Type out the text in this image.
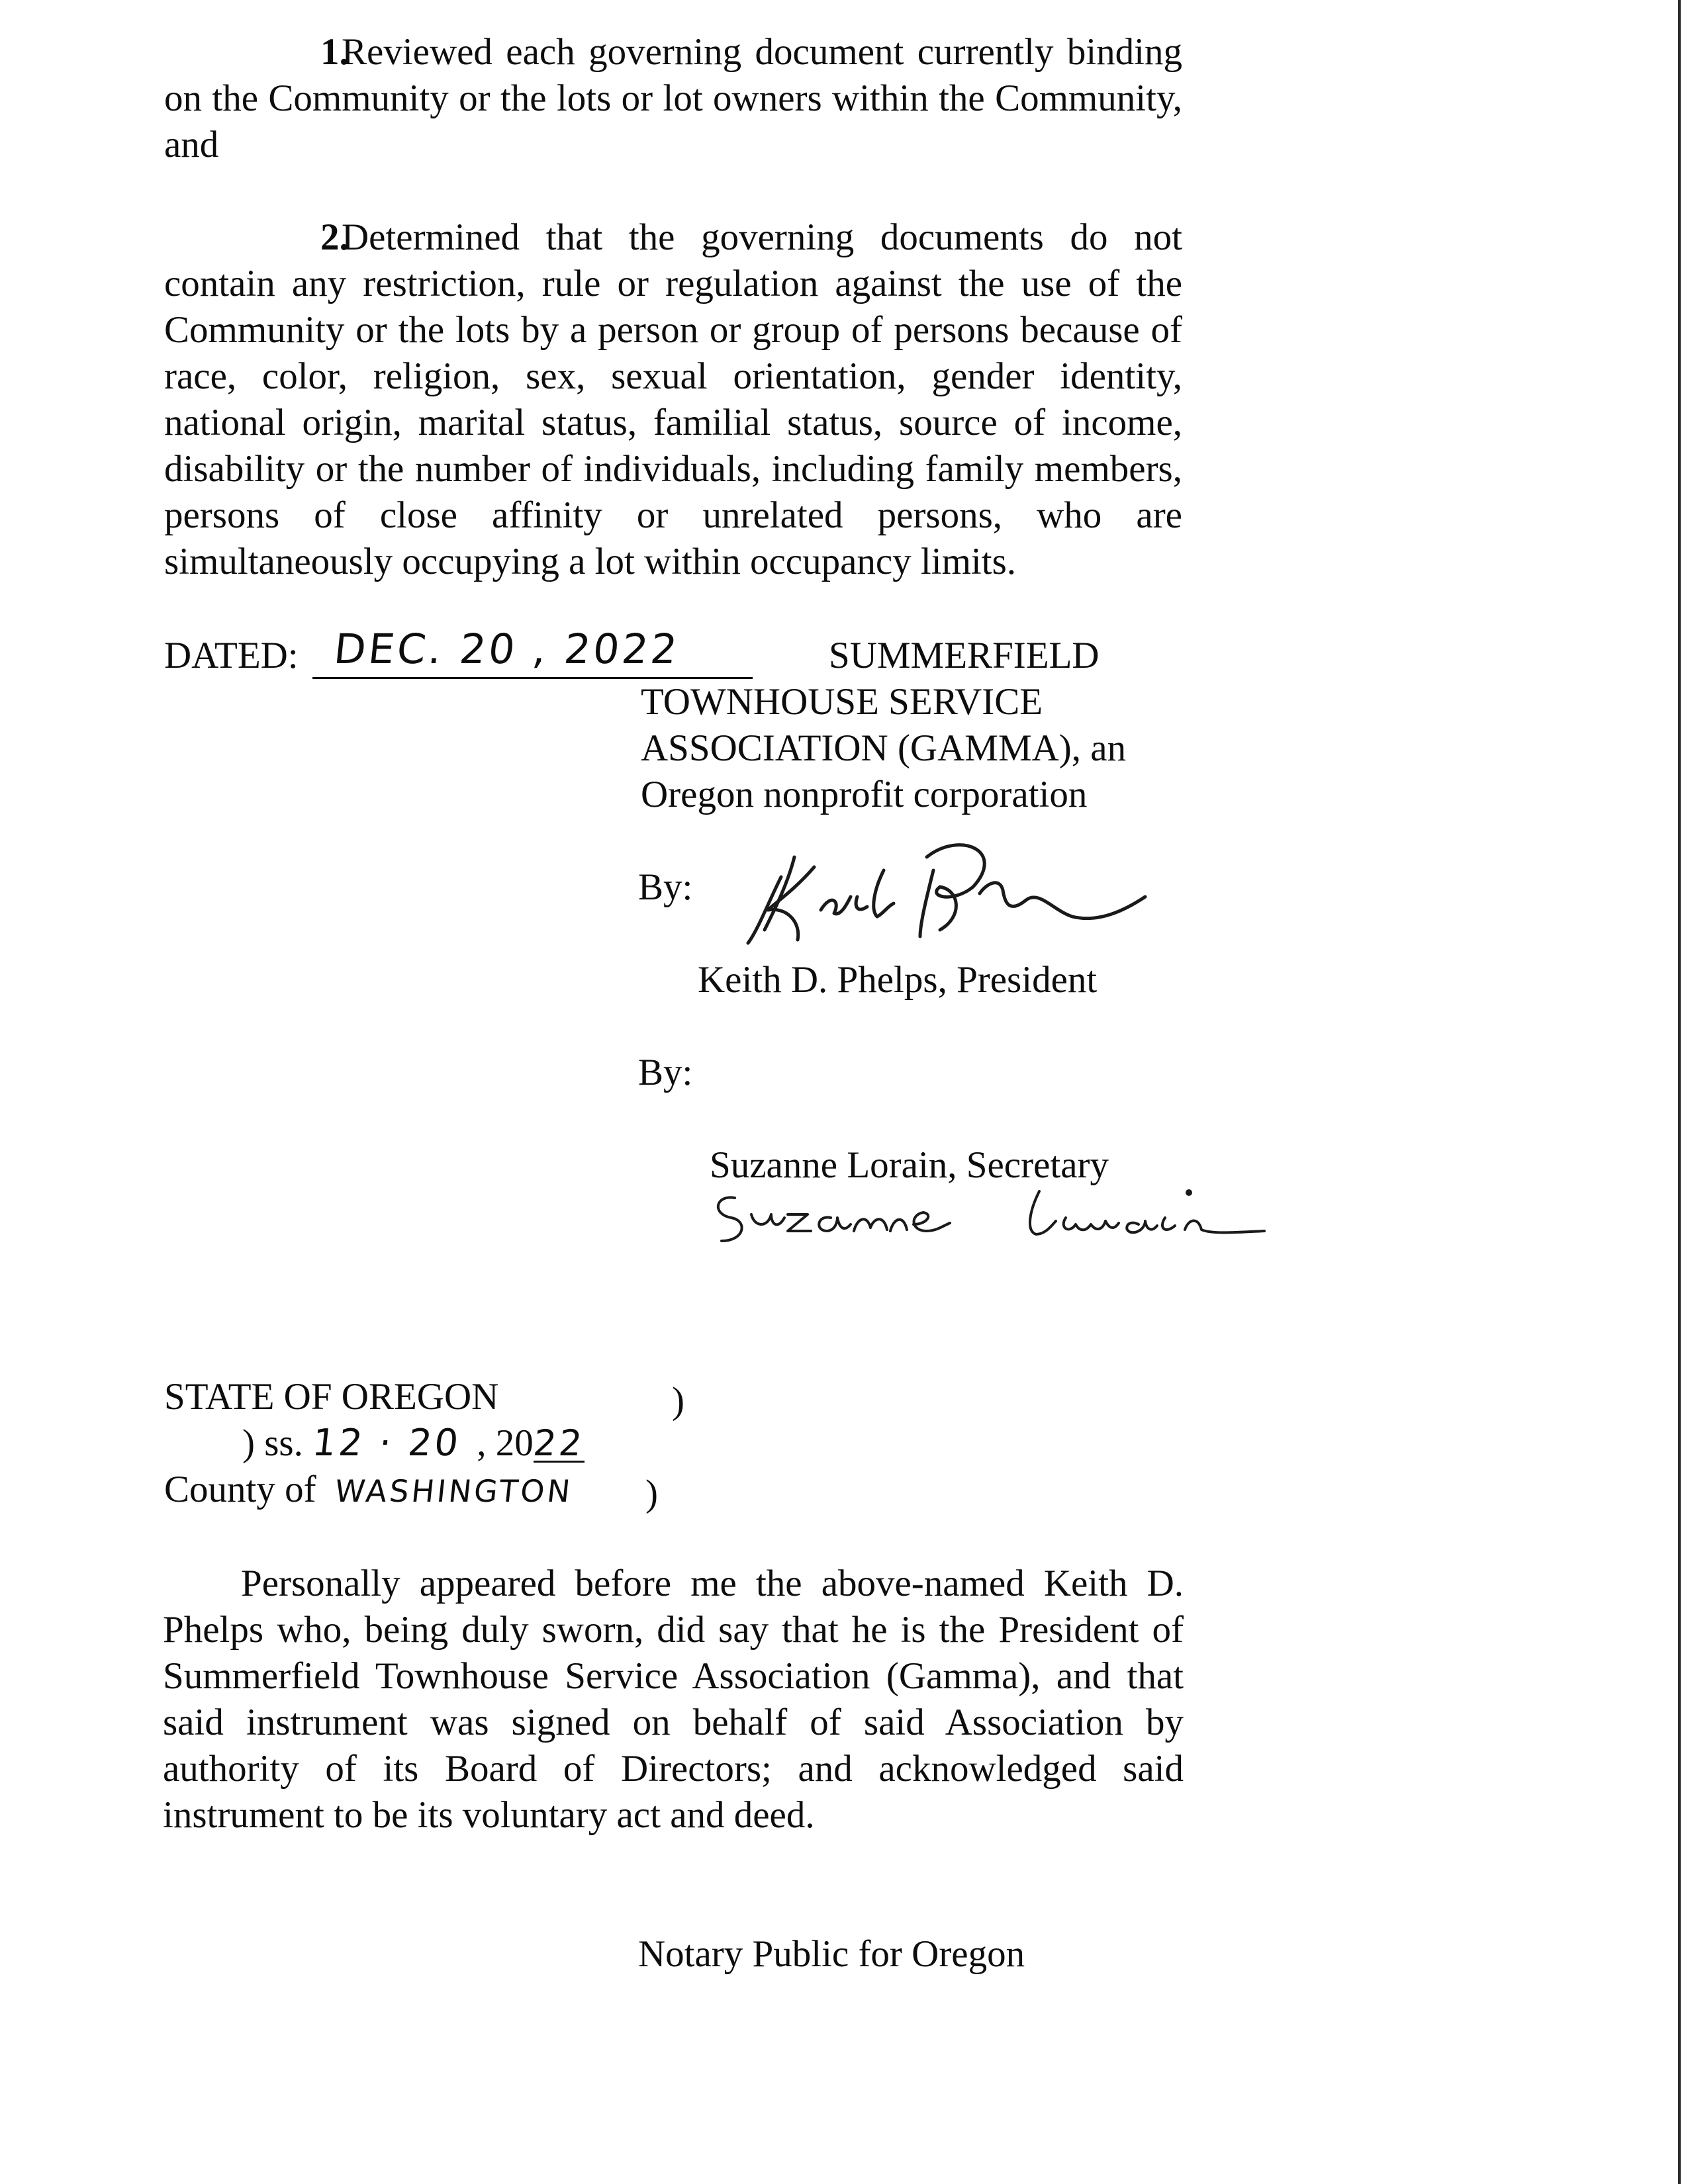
1.Reviewed each governing document currently binding on the Community or the lots or lot owners within the Community, and

2.Determined that the governing documents do not contain any restriction, rule or regulation against the use of the Community or the lots by a person or group of persons because of race, color, religion, sex, sexual orientation, gender identity, national origin, marital status, familial status, source of income, disability or the number of individuals, including family members, persons of close affinity or unrelated persons, who are simultaneously occupying a lot within occupancy limits.

DATED: DEC. 20 , 2022	SUMMERFIELD
TOWNHOUSE SERVICE
ASSOCIATION (GAMMA), an
Oregon nonprofit corporation
By:
Keith D. Phelps, President
By:
Suzanne Lorain, Secretary
STATE OF OREGON	)
) ss. 12 · 20 , 2022
County of WASHINGTON )

Personally appeared before me the above-named Keith D. Phelps who, being duly sworn, did say that he is the President of Summerfield Townhouse Service Association (Gamma), and that said instrument was signed on behalf of said Association by authority of its Board of Directors; and acknowledged said instrument to be its voluntary act and deed.

Notary Public for Oregon
